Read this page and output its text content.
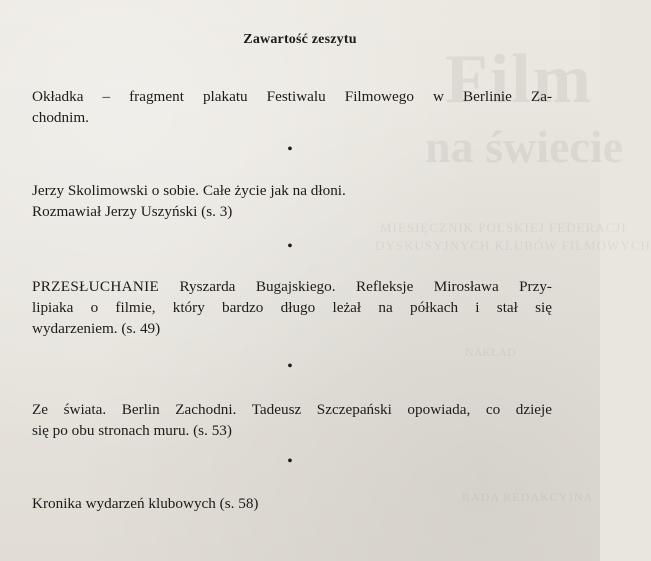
Film
na świecie
MIESIĘCZNIK POLSKIEJ FEDERACJI
DYSKUSYJNYCH KLUBÓW FILMOWYCH
NAKŁAD
RADA REDAKCYJNA
Zawartość zeszytu
Okładka – fragment plakatu Festiwalu Filmowego w Berlinie Za-
chodnim.
•
Jerzy Skolimowski o sobie. Całe życie jak na dłoni.
Rozmawiał Jerzy Uszyński (s. 3)
•
PRZESŁUCHANIE Ryszarda Bugajskiego. Refleksje Mirosława Przy-
lipiaka o filmie, który bardzo długo leżał na półkach i stał się
wydarzeniem. (s. 49)
•
Ze świata. Berlin Zachodni. Tadeusz Szczepański opowiada, co dzieje
się po obu stronach muru. (s. 53)
•
Kronika wydarzeń klubowych (s. 58)
